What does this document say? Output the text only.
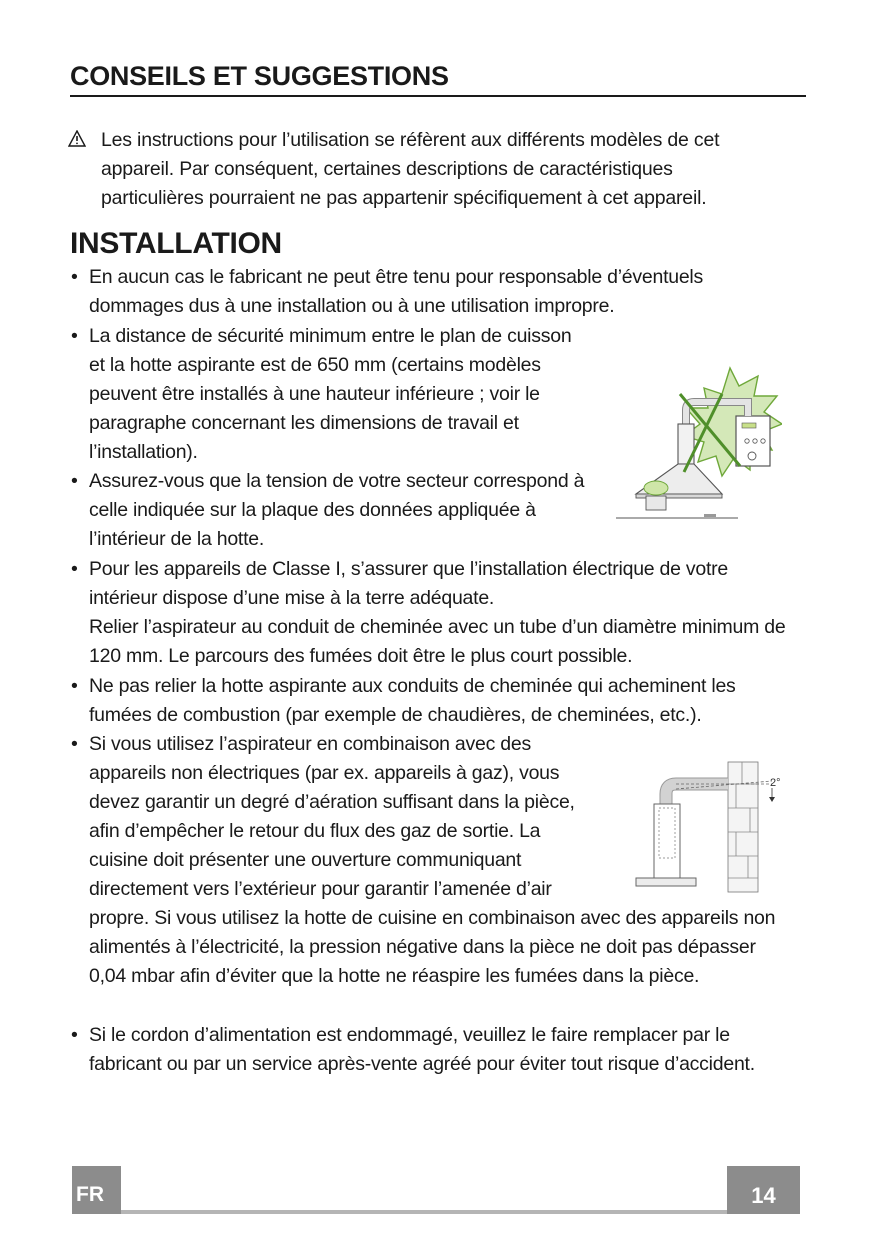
CONSEILS ET SUGGESTIONS
Les instructions pour l’utilisation se réfèrent aux différents modèles de cet appareil. Par conséquent, certaines descriptions de caractéristiques particulières pourraient ne pas appartenir spécifiquement à cet appareil.
INSTALLATION
• En aucun cas le fabricant ne peut être tenu pour responsable d’éventuels dommages dus à une installation ou à une utilisation impropre.
• La distance de sécurité minimum entre le plan de cuisson et la hotte aspirante est de 650 mm (certains modèles peuvent être installés à une hauteur inférieure ; voir le paragraphe concernant les dimensions de travail et l’installation).
• Assurez-vous que la tension de votre secteur correspond à celle indiquée sur la plaque des données appliquée à l’intérieur de la hotte.
• Pour les appareils de Classe I, s’assurer que l’installation électrique de votre intérieur dispose d’une mise à la terre adéquate.
Relier l’aspirateur au conduit de cheminée avec un tube d’un diamètre minimum de 120 mm. Le parcours des fumées doit être le plus court possible.
• Ne pas relier la hotte aspirante aux conduits de cheminée qui acheminent les fumées de combustion (par exemple de chaudières, de cheminées, etc.).
• Si vous utilisez l’aspirateur en combinaison avec des appareils non électriques (par ex. appareils à gaz), vous devez garantir un degré d’aération suffisant dans la pièce, afin d’empêcher le retour du flux des gaz de sortie. La cuisine doit présenter une ouverture communiquant directement vers l’extérieur pour garantir l’amenée d’air propre. Si vous utilisez la hotte de cuisine en combinaison avec des appareils non alimentés à l’électricité, la pression négative dans la pièce ne doit pas dépasser 0,04 mbar afin d’éviter que la hotte ne réaspire les fumées dans la pièce.
• Si le cordon d’alimentation est endommagé, veuillez le faire remplacer par le fabricant ou par un service après-vente agréé pour éviter tout risque d’accident.
2°
FR	14
